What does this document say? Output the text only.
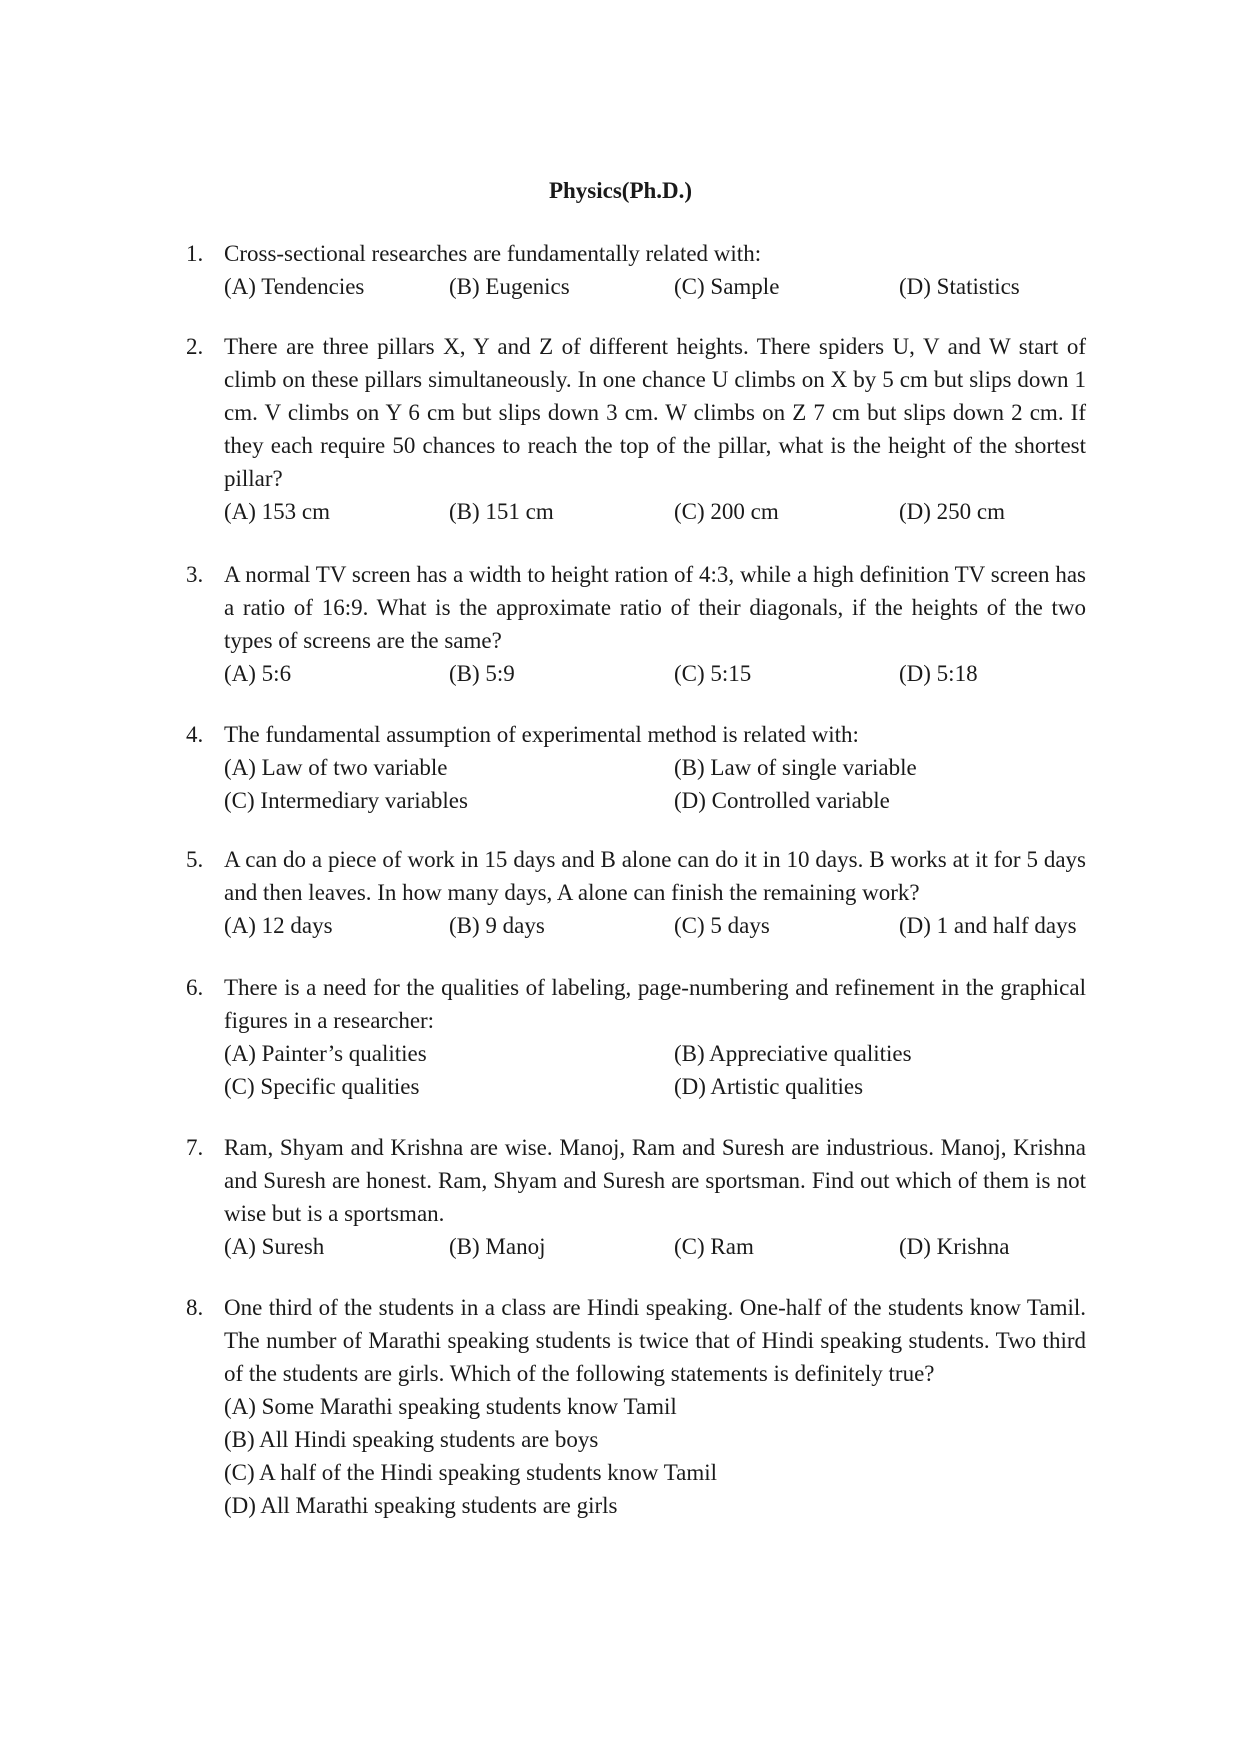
Physics(Ph.D.)
1. Cross-sectional researches are fundamentally related with:

(A) Tendencies	(B) Eugenics	(C) Sample	(D) Statistics
2. There are three pillars X, Y and Z of different heights. There spiders U, V and W start of climb on these pillars simultaneously. In one chance U climbs on X by 5 cm but slips down 1 cm. V climbs on Y 6 cm but slips down 3 cm. W climbs on Z 7 cm but slips down 2 cm. If they each require 50 chances to reach the top of the pillar, what is the height of the shortest pillar?

(A) 153 cm	(B) 151 cm	(C) 200 cm	(D) 250 cm
3. A normal TV screen has a width to height ration of 4:3, while a high definition TV screen has a ratio of 16:9. What is the approximate ratio of their diagonals, if the heights of the two types of screens are the same?

(A) 5:6	(B) 5:9	(C) 5:15	(D) 5:18
4. The fundamental assumption of experimental method is related with:

(A) Law of two variable	(B) Law of single variable
(C) Intermediary variables	(D) Controlled variable
5. A can do a piece of work in 15 days and B alone can do it in 10 days. B works at it for 5 days and then leaves. In how many days, A alone can finish the remaining work?

(A) 12 days	(B) 9 days	(C) 5 days	(D) 1 and half days
6. There is a need for the qualities of labeling, page-numbering and refinement in the graphical figures in a researcher:

(A) Painter’s qualities	(B) Appreciative qualities
(C) Specific qualities	(D) Artistic qualities
7. Ram, Shyam and Krishna are wise. Manoj, Ram and Suresh are industrious. Manoj, Krishna and Suresh are honest. Ram, Shyam and Suresh are sportsman. Find out which of them is not wise but is a sportsman.

(A) Suresh	(B) Manoj	(C) Ram	(D) Krishna
8. One third of the students in a class are Hindi speaking. One-half of the students know Tamil. The number of Marathi speaking students is twice that of Hindi speaking students. Two third of the students are girls. Which of the following statements is definitely true?

(A) Some Marathi speaking students know Tamil
(B) All Hindi speaking students are boys
(C) A half of the Hindi speaking students know Tamil
(D) All Marathi speaking students are girls
